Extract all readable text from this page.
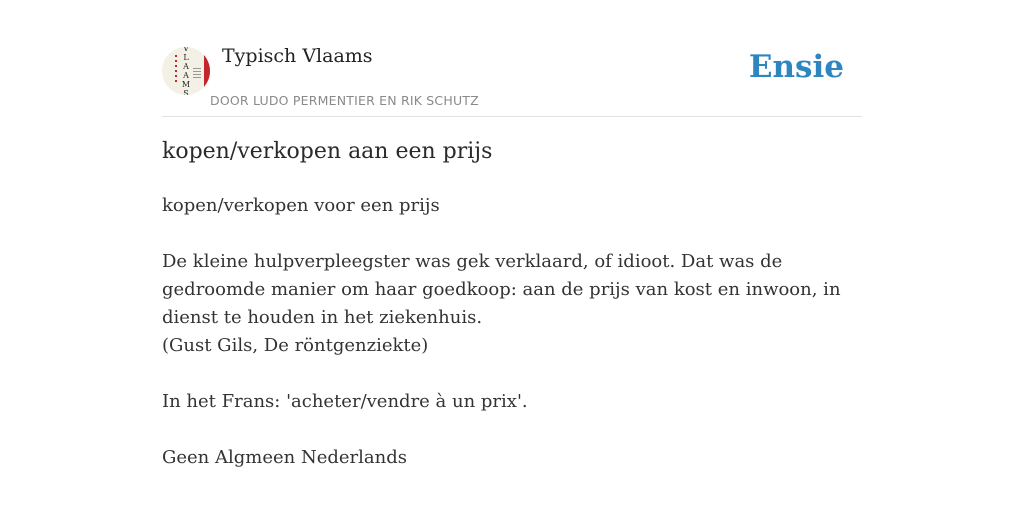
V
L
A
A
M
S
Typisch Vlaams
DOOR LUDO PERMENTIER EN RIK SCHUTZ
Ensie
kopen/verkopen aan een prijs

kopen/verkopen voor een prijs

De kleine hulpverpleegster was gek verklaard, of idioot. Dat was de gedroomde manier om haar goedkoop: aan de prijs van kost en inwoon, in dienst te houden in het ziekenhuis.

(Gust Gils, De röntgenziekte)

In het Frans: 'acheter/vendre à un prix'.

Geen Algmeen Nederlands
